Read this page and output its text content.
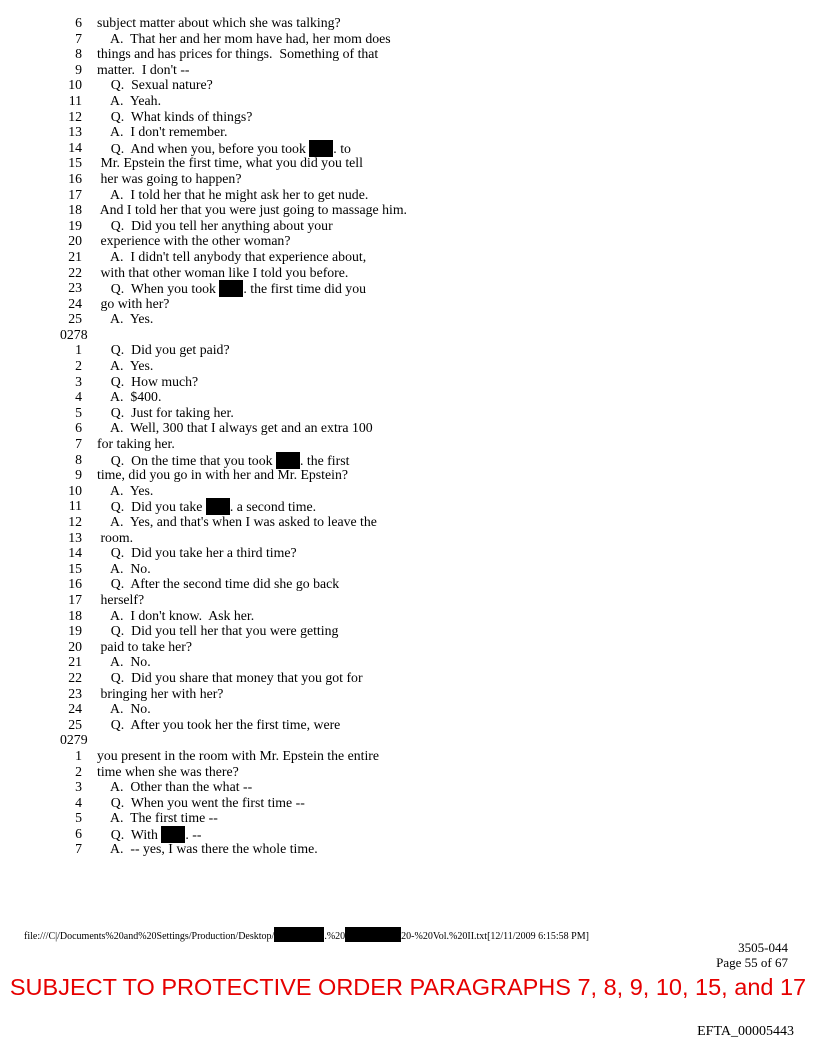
6 subject matter about which she was talking?
7 A.  That her and her mom have had, her mom does
8 things and has prices for things.  Something of that
9 matter.  I don't --
10 Q.  Sexual nature?
11 A.  Yeah.
12 Q.  What kinds of things?
13 A.  I don't remember.
14 Q.  And when you, before you took . to
15 Mr. Epstein the first time, what you did you tell
16 her was going to happen?
17 A.  I told her that he might ask her to get nude.
18 And I told her that you were just going to massage him.
19 Q.  Did you tell her anything about your
20 experience with the other woman?
21 A.  I didn't tell anybody that experience about,
22 with that other woman like I told you before.
23 Q.  When you took . the first time did you
24 go with her?
25 A.  Yes.
0278
1 Q.  Did you get paid?
2 A.  Yes.
3 Q.  How much?
4 A.  $400.
5 Q.  Just for taking her.
6 A.  Well, 300 that I always get and an extra 100
7 for taking her.
8 Q.  On the time that you took . the first
9 time, did you go in with her and Mr. Epstein?
10 A.  Yes.
11 Q.  Did you take . a second time.
12 A.  Yes, and that's when I was asked to leave the
13 room.
14 Q.  Did you take her a third time?
15 A.  No.
16 Q.  After the second time did she go back
17 herself?
18 A.  I don't know.  Ask her.
19 Q.  Did you tell her that you were getting
20 paid to take her?
21 A.  No.
22 Q.  Did you share that money that you got for
23 bringing her with her?
24 A.  No.
25 Q.  After you took her the first time, were
0279
1 you present in the room with Mr. Epstein the entire
2 time when she was there?
3 A.  Other than the what --
4 Q.  When you went the first time --
5 A.  The first time --
6 Q.  With . --
7 A.  -- yes, I was there the whole time.
file:///C|/Documents%20and%20Settings/Production/Desktop/	.%20	20-%20Vol.%20II.txt[12/11/2009 6:15:58 PM]
3505-044
Page 55 of 67
SUBJECT TO PROTECTIVE ORDER PARAGRAPHS 7, 8, 9, 10, 15, and 17
EFTA_00005443
